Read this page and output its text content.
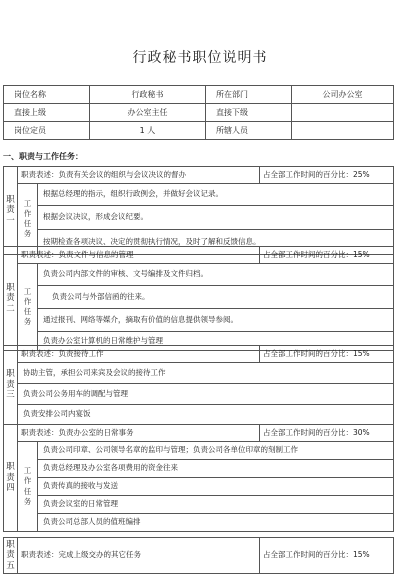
行政秘书职位说明书
岗位名称	行政秘书	所在部门	公司办公室
直接上级	办公室主任	直接下级	
岗位定员	1 人	所辖人员	
一、职责与工作任务：
职
责
一	职责表述：负责有关会议的组织与会议决议的督办		占全部工作时间的百分比：25%

	工
作
任
务	根据总经理的指示，组织行政例会，并做好会议记录。	
		根据会议决议，形成会议纪要。	
		按期检查各项决议、决定的贯彻执行情况，及时了解和反馈信息。	
职
责
二	职责表述：负责文件与信息的管理		占全部工作时间的百分比：15%

	工
作
任
务	负责公司内部文件的审核、文号编排及文件归档。	
		负责公司与外部信函的往来。	
		通过报刊、网络等媒介，摘取有价值的信息提供领导参阅。	
		负责办公室计算机的日常维护与管理	
职
责
三
	职责表述：负责接待工作	占全部工作时间的百分比：15%
协助主管，承担公司来宾及会议的接待工作
负责公司公务用车的调配与管理
负责安排公司内宴饭
职
责
四	职责表述：负责办公室的日常事务		占全部工作时间的百分比：30%

	工
作
任
务	负责公司印章、公司领导名章的监印与管理；负责公司各单位印章的刻制工作	
		负责总经理及办公室各项费用的资金往来	
		负责传真的接收与发送	
		负责会议室的日常管理	
		负责公司总部人员的值班编排	
职
责
五
	职责表述：完成上级交办的其它任务	占全部工作时间的百分比：15%
